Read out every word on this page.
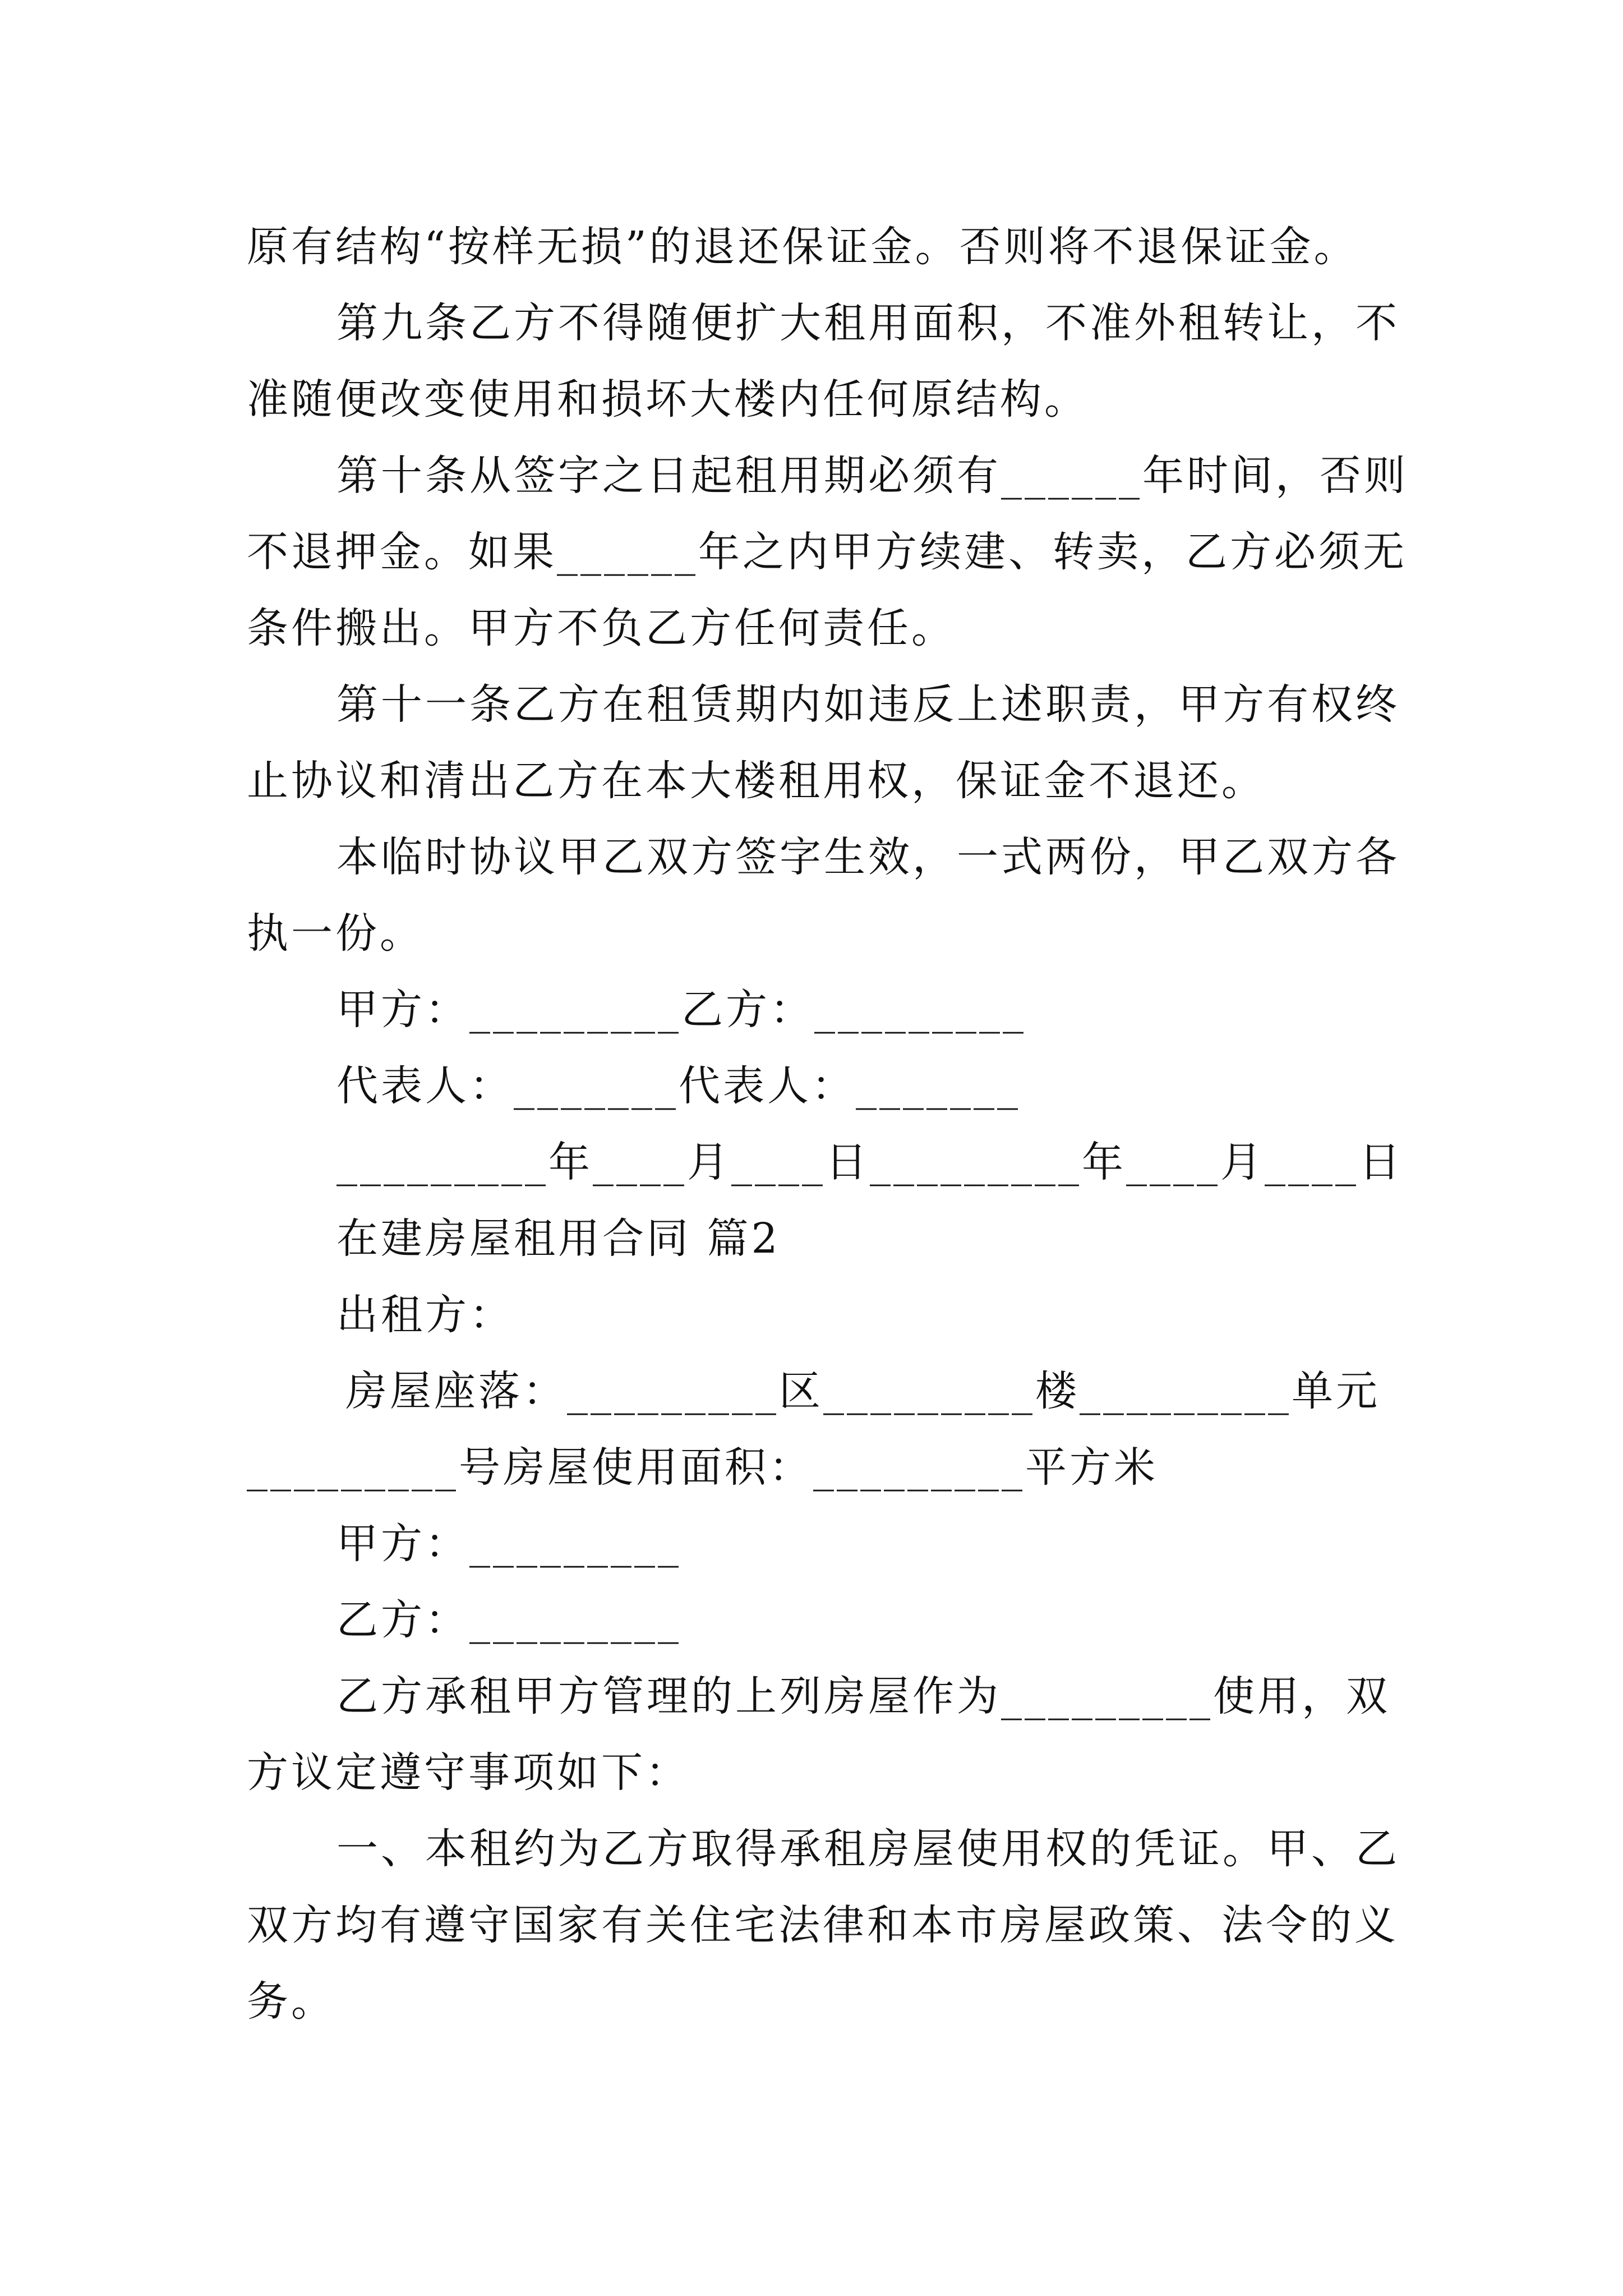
原有结构“按样无损”的退还保证金。否则将不退保证金。
第九条乙方不得随便扩大租用面积，不准外租转让，不
准随便改变使用和损坏大楼内任何原结构。
第十条从签字之日起租用期必须有______年时间，否则
不退押金。如果______年之内甲方续建、转卖，乙方必须无
条件搬出。甲方不负乙方任何责任。
第十一条乙方在租赁期内如违反上述职责，甲方有权终
止协议和清出乙方在本大楼租用权，保证金不退还。
本临时协议甲乙双方签字生效，一式两份，甲乙双方各
执一份。
甲方：_________乙方：_________
代表人：_______代表人：_______
_________年____月____日_________年____月____日
在建房屋租用合同 篇2
出租方：
房屋座落：_________区_________楼_________单元
_________号房屋使用面积：_________平方米
甲方：_________
乙方：_________
乙方承租甲方管理的上列房屋作为_________使用，双
方议定遵守事项如下：
一、本租约为乙方取得承租房屋使用权的凭证。甲、乙
双方均有遵守国家有关住宅法律和本市房屋政策、法令的义
务。
